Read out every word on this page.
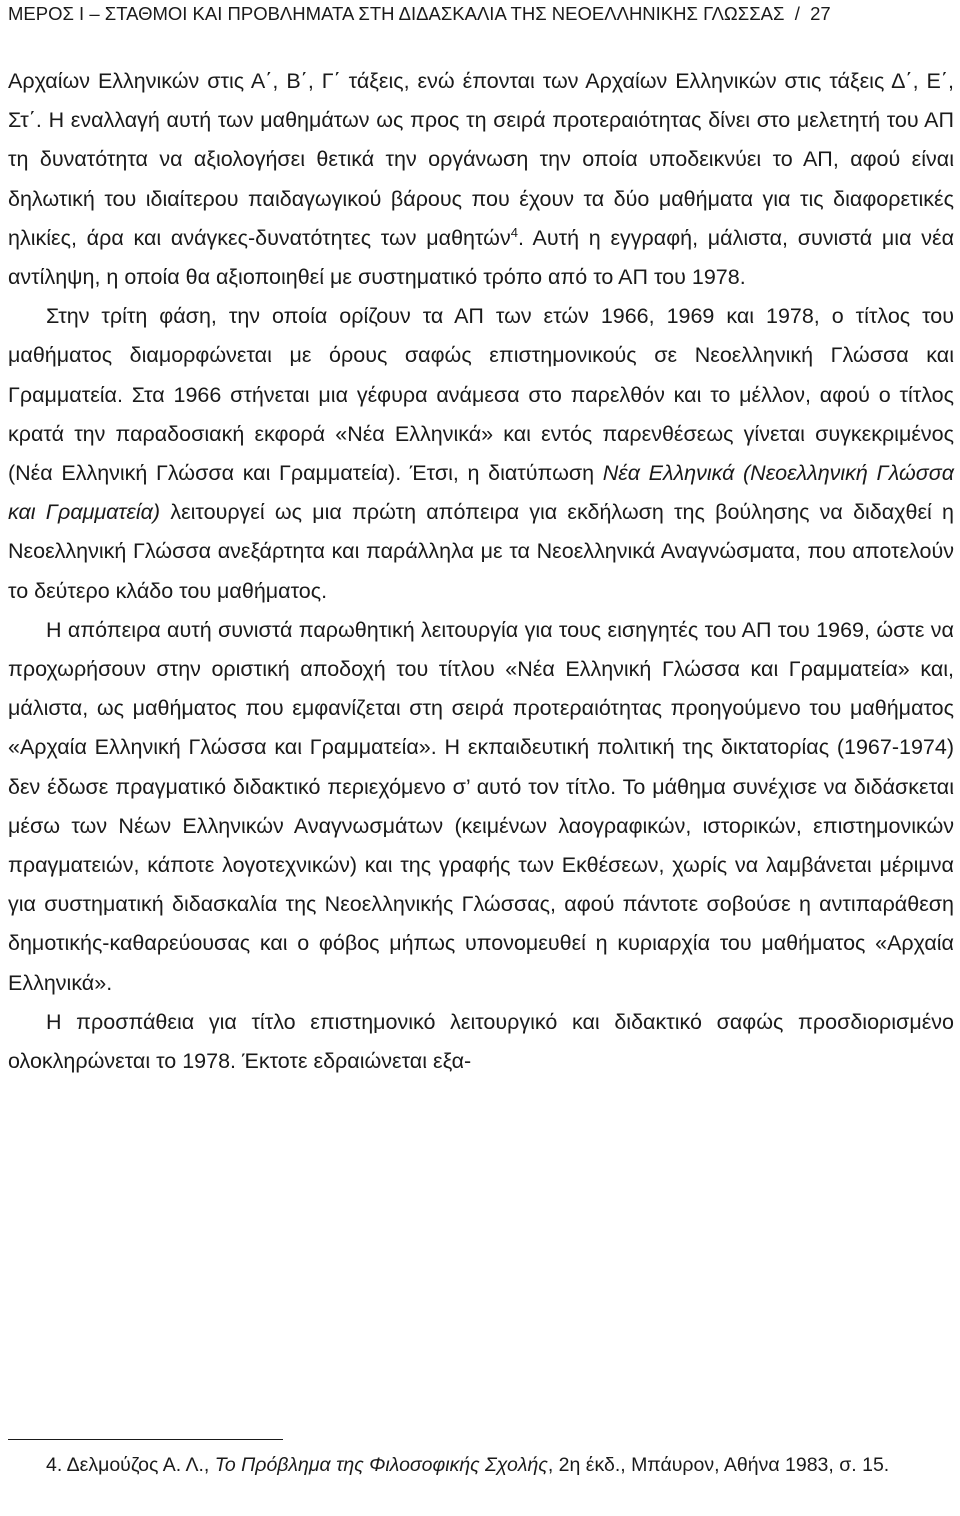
ΜΕΡΟΣ Ι – ΣΤΑΘΜΟΙ ΚΑΙ ΠΡΟΒΛΗΜΑΤΑ ΣΤΗ ΔΙΔΑΣΚΑΛΙΑ ΤΗΣ ΝΕΟΕΛΛΗΝΙΚΗΣ ΓΛΩΣΣΑΣ / 27

Αρχαίων Ελληνικών στις Α΄, Β΄, Γ΄ τάξεις, ενώ έπονται των Αρχαίων Ελληνικών στις τάξεις Δ΄, Ε΄, Στ΄. Η εναλλαγή αυτή των μαθημάτων ως προς τη σειρά προτεραιότητας δίνει στο μελετητή του ΑΠ τη δυνατότητα να αξιολογήσει θετικά την οργάνωση την οποία υποδεικνύει το ΑΠ, αφού είναι δηλωτική του ιδιαίτερου παιδαγωγικού βάρους που έχουν τα δύο μαθήματα για τις διαφορετικές ηλικίες, άρα και ανάγκες-δυνατότητες των μαθητών$^4$. Αυτή η εγγραφή, μάλιστα, συνιστά μια νέα αντίληψη, η οποία θα αξιοποιηθεί με συστηματικό τρόπο από το ΑΠ του 1978.

Στην τρίτη φάση, την οποία ορίζουν τα ΑΠ των ετών 1966, 1969 και 1978, ο τίτλος του μαθήματος διαμορφώνεται με όρους σαφώς επιστημονικούς σε Νεοελληνική Γλώσσα και Γραμματεία. Στα 1966 στήνεται μια γέφυρα ανάμεσα στο παρελθόν και το μέλλον, αφού ο τίτλος κρατά την παραδοσιακή εκφορά «Νέα Ελληνικά» και εντός παρενθέσεως γίνεται συγκεκριμένος (Νέα Ελληνική Γλώσσα και Γραμματεία). Έτσι, η διατύπωση Νέα Ελληνικά (Νεοελληνική Γλώσσα και Γραμματεία) λειτουργεί ως μια πρώτη απόπειρα για εκδήλωση της βούλησης να διδαχθεί η Νεοελληνική Γλώσσα ανεξάρτητα και παράλληλα με τα Νεοελληνικά Αναγνώσματα, που αποτελούν το δεύτερο κλάδο του μαθήματος.

Η απόπειρα αυτή συνιστά παρωθητική λειτουργία για τους εισηγητές του ΑΠ του 1969, ώστε να προχωρήσουν στην οριστική αποδοχή του τίτλου «Νέα Ελληνική Γλώσσα και Γραμματεία» και, μάλιστα, ως μαθήματος που εμφανίζεται στη σειρά προτεραιότητας προηγούμενο του μαθήματος «Αρχαία Ελληνική Γλώσσα και Γραμματεία». Η εκπαιδευτική πολιτική της δικτατορίας (1967-1974) δεν έδωσε πραγματικό διδακτικό περιεχόμενο σ’ αυτό τον τίτλο. Το μάθημα συνέχισε να διδάσκεται μέσω των Νέων Ελληνικών Αναγνωσμάτων (κειμένων λαογραφικών, ιστορικών, επιστημονικών πραγματειών, κάποτε λογοτεχνικών) και της γραφής των Εκθέσεων, χωρίς να λαμβάνεται μέριμνα για συστηματική διδασκαλία της Νεοελληνικής Γλώσσας, αφού πάντοτε σοβούσε η αντιπαράθεση δημοτικής-καθαρεύουσας και ο φόβος μήπως υπονομευθεί η κυριαρχία του μαθήματος «Αρχαία Ελληνικά».

Η προσπάθεια για τίτλο επιστημονικό λειτουργικό και διδακτικό σαφώς προσδιορισμένο ολοκληρώνεται το 1978. Έκτοτε εδραιώνεται εξα-

4. Δελμούζος Α. Λ., Το Πρόβλημα της Φιλοσοφικής Σχολής, 2η έκδ., Μπάυρον, Αθήνα 1983, σ. 15.
